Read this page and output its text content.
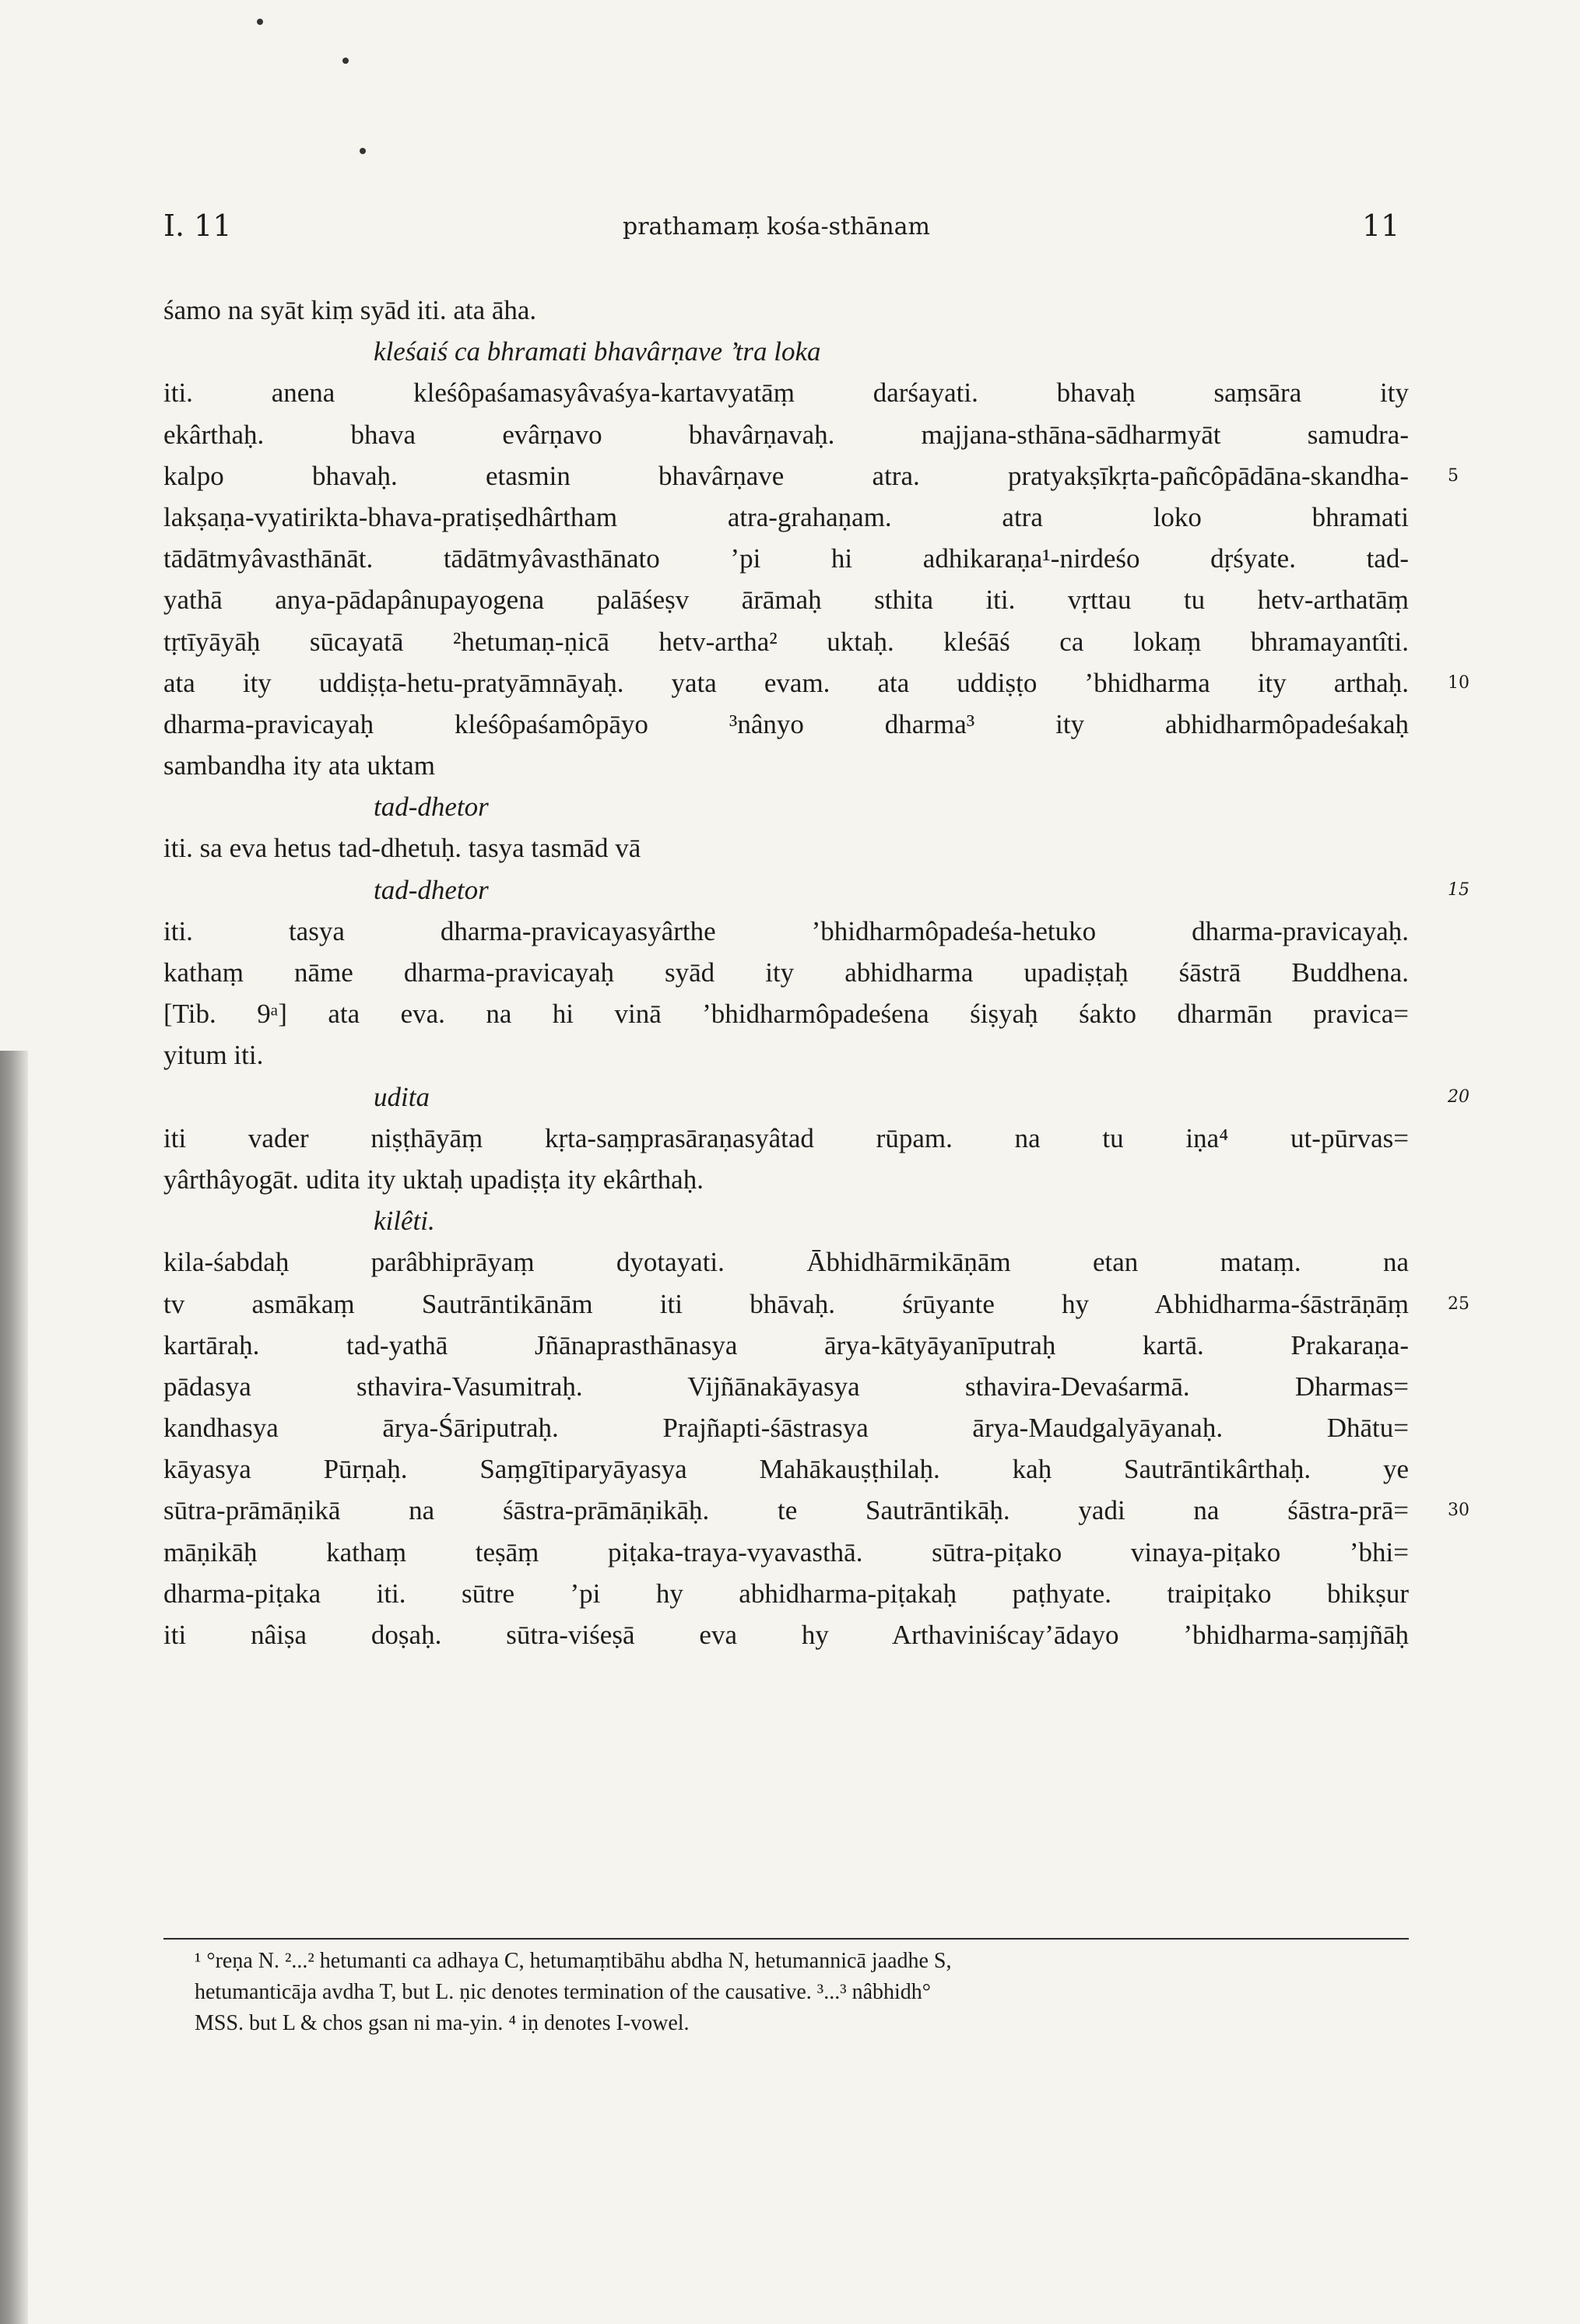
I. 11	prathamaṃ kośa-sthānam	11
śamo na syāt kiṃ syād iti. ata āha.
kleśaiś ca bhramati bhavârṇave ’tra loka
iti. anena kleśôpaśamasyâvaśya-kartavyatāṃ darśayati. bhavaḥ saṃsāra ity
ekârthaḥ. bhava evârṇavo bhavârṇavaḥ. majjana-sthāna-sādharmyāt samudra-
kalpo bhavaḥ. etasmin bhavârṇave atra. pratyakṣīkṛta-pañcôpādāna-skandha- 5
lakṣaṇa-vyatirikta-bhava-pratiṣedhârtham atra-grahaṇam. atra loko bhramati
tādātmyâvasthānāt. tādātmyâvasthānato ’pi hi adhikaraṇa¹-nirdeśo dṛśyate. tad-
yathā anya-pādapânupayogena palāśeṣv ārāmaḥ sthita iti. vṛttau tu hetv-arthatāṃ
tṛtīyāyāḥ sūcayatā ²hetumaṇ-ṇicā hetv-artha² uktaḥ. kleśāś ca lokaṃ bhramayantîti.
ata ity uddiṣṭa-hetu-pratyāmnāyaḥ. yata evam. ata uddiṣṭo ’bhidharma ity arthaḥ. 10
dharma-pravicayaḥ kleśôpaśamôpāyo ³nânyo dharma³ ity abhidharmôpadeśakaḥ
sambandha ity ata uktam
tad-dhetor
iti. sa eva hetus tad-dhetuḥ. tasya tasmād vā
tad-dhetor	15
iti. tasya dharma-pravicayasyârthe ’bhidharmôpadeśa-hetuko dharma-pravicayaḥ.
kathaṃ nāme dharma-pravicayaḥ syād ity abhidharma upadiṣṭaḥ śāstrā Buddhena.
[Tib. 9ᵃ] ata eva. na hi vinā ’bhidharmôpadeśena śiṣyaḥ śakto dharmān pravica=
yitum iti.
udita	20
iti vader niṣṭhāyāṃ kṛta-saṃprasāraṇasyâtad rūpam. na tu iṇa⁴ ut-pūrvas=
yârthâyogāt. udita ity uktaḥ upadiṣṭa ity ekârthaḥ.
kilêti.
kila-śabdaḥ parâbhiprāyaṃ dyotayati. Ābhidhārmikāṇām etan mataṃ. na
tv asmākaṃ Sautrāntikānām iti bhāvaḥ. śrūyante hy Abhidharma-śāstrāṇāṃ 25
kartāraḥ. tad-yathā Jñānaprasthānasya ārya-kātyāyanīputraḥ kartā. Prakaraṇa-
pādasya sthavira-Vasumitraḥ. Vijñānakāyasya sthavira-Devaśarmā. Dharmas=
kandhasya ārya-Śāriputraḥ. Prajñapti-śāstrasya ārya-Maudgalyāyanaḥ. Dhātu=
kāyasya Pūrṇaḥ. Saṃgītiparyāyasya Mahākauṣṭhilaḥ. kaḥ Sautrāntikârthaḥ. ye
sūtra-prāmāṇikā na śāstra-prāmāṇikāḥ. te Sautrāntikāḥ. yadi na śāstra-prā= 30
māṇikāḥ kathaṃ teṣāṃ piṭaka-traya-vyavasthā. sūtra-piṭako vinaya-piṭako ’bhi=
dharma-piṭaka iti. sūtre ’pi hy abhidharma-piṭakaḥ paṭhyate. traipiṭako bhikṣur
iti nâiṣa doṣaḥ. sūtra-viśeṣā eva hy Arthaviniścay’ādayo ’bhidharma-saṃjñāḥ
¹ °reṇa N. ²...² hetumanti ca adhaya C, hetumaṃtibāhu abdha N, hetumannicā jaadhe S,
hetumanticāja avdha T, but L. ṇic denotes termination of the causative. ³...³ nâbhidh°
MSS. but L & chos gsan ni ma-yin. ⁴ iṇ denotes I-vowel.
